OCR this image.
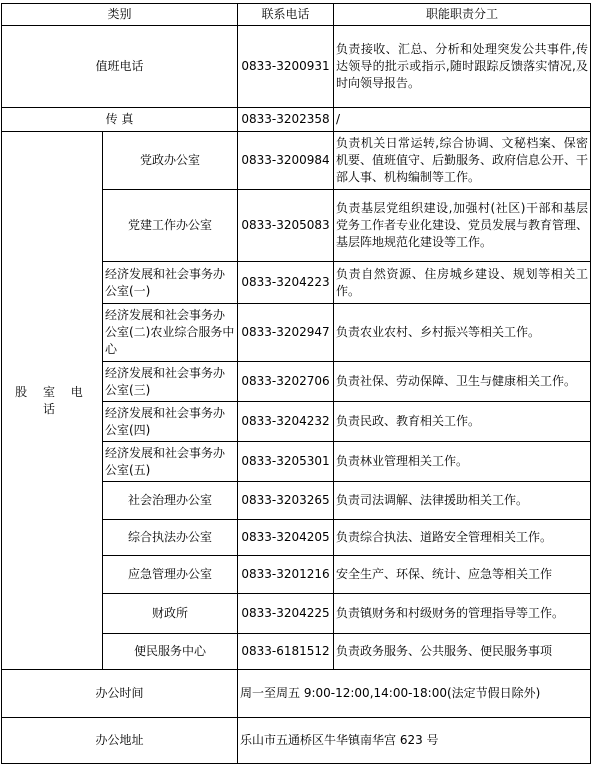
类别		联系电话	职能职责分工
值班电话		0833-3200931	负责接收、汇总、分析和处理突发公共事件,传达领导的批示或指示,随时跟踪反馈落实情况,及时向领导报告。
传 真		0833-3202358	/
股 室 电 话	党政办公室	0833-3200984	负责机关日常运转,综合协调、文秘档案、保密机要、值班值守、后勤服务、政府信息公开、干部人事、机构编制等工作。
	党建工作办公室	0833-3205083	负责基层党组织建设,加强村(社区)干部和基层党务工作者专业化建设、党员发展与教育管理、基层阵地规范化建设等工作。
	经济发展和社会事务办公室(一)	0833-3204223	负责自然资源、住房城乡建设、规划等相关工作。
	经济发展和社会事务办公室(二)农业综合服务中心	0833-3202947	负责农业农村、乡村振兴等相关工作。
	经济发展和社会事务办公室(三)	0833-3202706	负责社保、劳动保障、卫生与健康相关工作。
	经济发展和社会事务办公室(四)	0833-3204232	负责民政、教育相关工作。
	经济发展和社会事务办公室(五)	0833-3205301	负责林业管理相关工作。
	社会治理办公室	0833-3203265	负责司法调解、法律援助相关工作。
	综合执法办公室	0833-3204205	负责综合执法、道路安全管理相关工作。
	应急管理办公室	0833-3201216	安全生产、环保、统计、应急等相关工作
	财政所	0833-3204225	负责镇财务和村级财务的管理指导等工作。
	便民服务中心	0833-6181512	负责政务服务、公共服务、便民服务事项
办公时间		周一至周五 9:00-12:00,14:00-18:00(法定节假日除外)	
办公地址		乐山市五通桥区牛华镇南华宫 623 号	
